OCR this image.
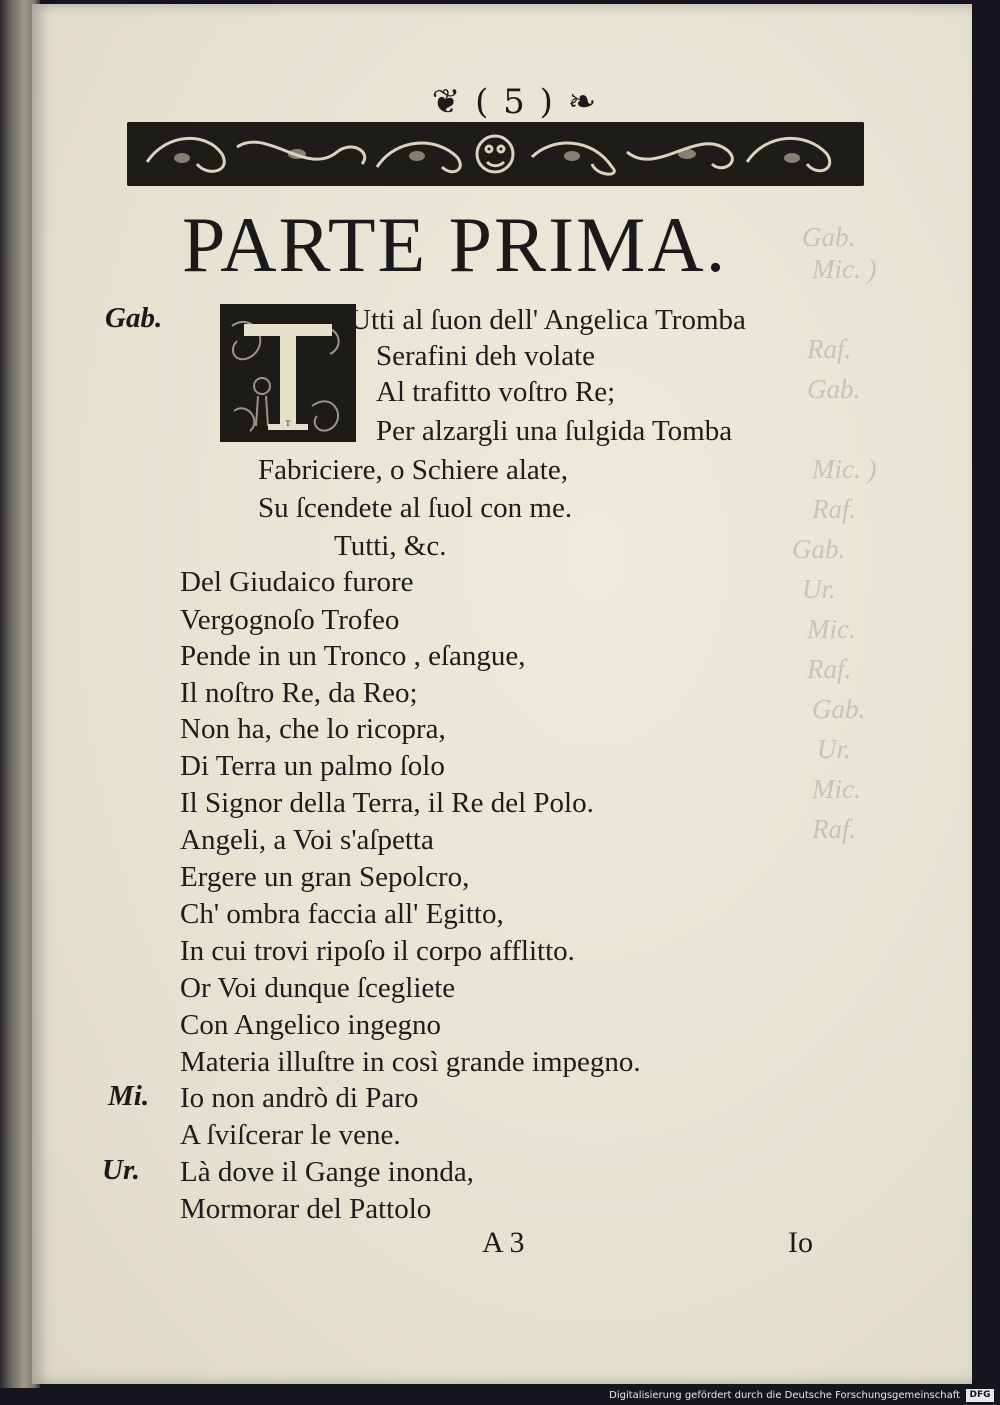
Gab.
Mic. )
Raf.
Gab.
Mic. )
Raf.
Gab.
Ur.
Mic.
Raf.
Gab.
Ur.
Mic.
Raf.
❦ ( 5 ) ❧
PARTE PRIMA.
T
Gab.
Mi.
Ur.
Utti al ſuon dell' Angelica Tromba
Serafini deh volate
Al trafitto voſtro Re;
Per alzargli una ſulgida Tomba
Fabriciere, o Schiere alate,
Su ſcendete al ſuol con me.
Tutti, &c.
Del Giudaico furore
Vergognoſo Trofeo
Pende in un Tronco , eſangue,
Il noſtro Re, da Reo;
Non ha, che lo ricopra,
Di Terra un palmo ſolo
Il Signor della Terra, il Re del Polo.
Angeli, a Voi s'aſpetta
Ergere un gran Sepolcro,
Ch' ombra faccia all' Egitto,
In cui trovi ripoſo il corpo afflitto.
Or Voi dunque ſcegliete
Con Angelico ingegno
Materia illuſtre in così grande impegno.
Io non andrò di Paro
A ſviſcerar le vene.
Là dove il Gange inonda,
Mormorar del Pattolo
A 3	Io
Digitalisierung gefördert durch die Deutsche Forschungsgemeinschaft	DFG
